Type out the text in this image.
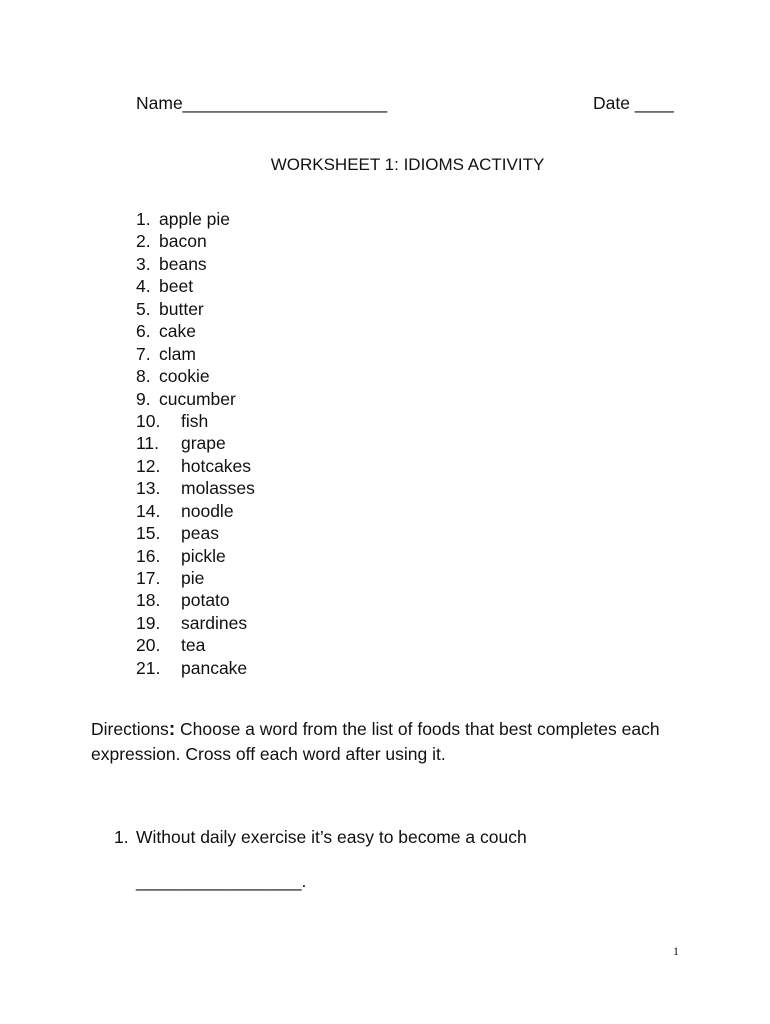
Name_____________________	Date ____
WORKSHEET 1: IDIOMS ACTIVITY
1. apple pie
2. bacon
3. beans
4. beet
5. butter
6. cake
7. clam
8. cookie
9. cucumber
10. fish
11. grape
12. hotcakes
13. molasses
14. noodle
15. peas
16. pickle
17. pie
18. potato
19. sardines
20. tea
21. pancake
Directions: Choose a word from the list of foods that best completes each expression. Cross off each word after using it.
1. Without daily exercise it’s easy to become a couch
_________________.
1
